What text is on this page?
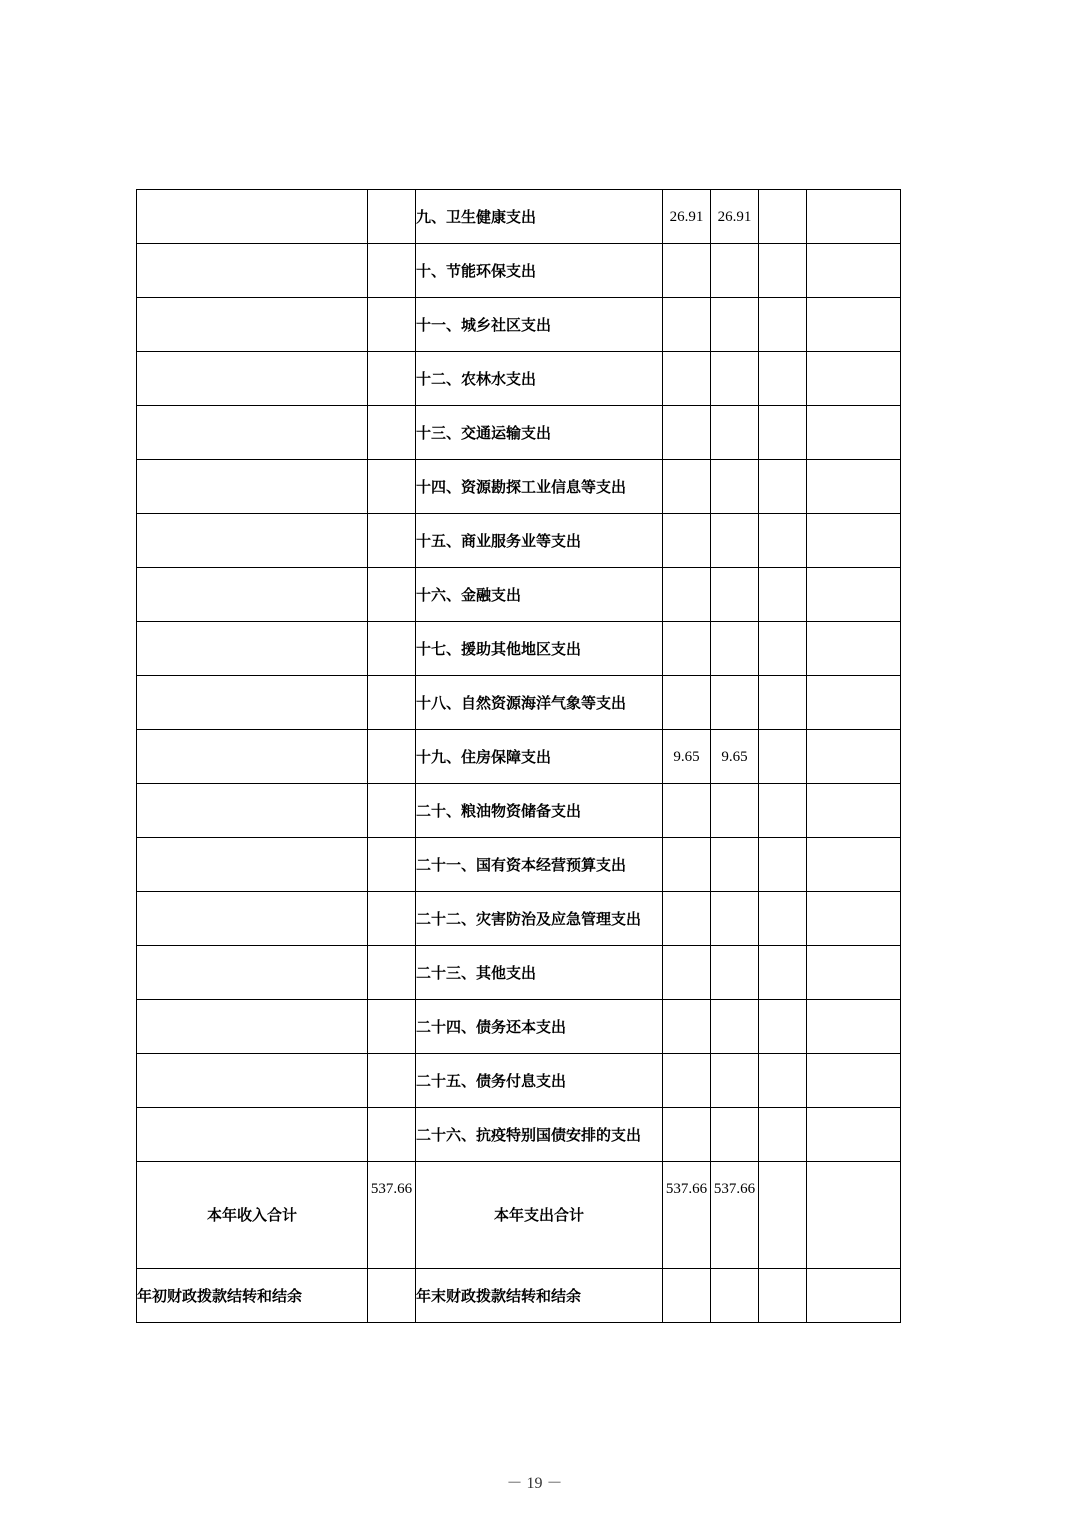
		九、卫生健康支出	26.91	26.91		
		十、节能环保支出				
		十一、城乡社区支出				
		十二、农林水支出				
		十三、交通运输支出				
		十四、资源勘探工业信息等支出				
		十五、商业服务业等支出				
		十六、金融支出				
		十七、援助其他地区支出				
		十八、自然资源海洋气象等支出				
		十九、住房保障支出	9.65	9.65		
		二十、粮油物资储备支出				
		二十一、国有资本经营预算支出				
		二十二、灾害防治及应急管理支出				
		二十三、其他支出				
		二十四、债务还本支出				
		二十五、债务付息支出				
		二十六、抗疫特别国债安排的支出				
本年收入合计	537.66	本年支出合计	537.66	537.66		
年初财政拨款结转和结余		年末财政拨款结转和结余				
－ 19 －
